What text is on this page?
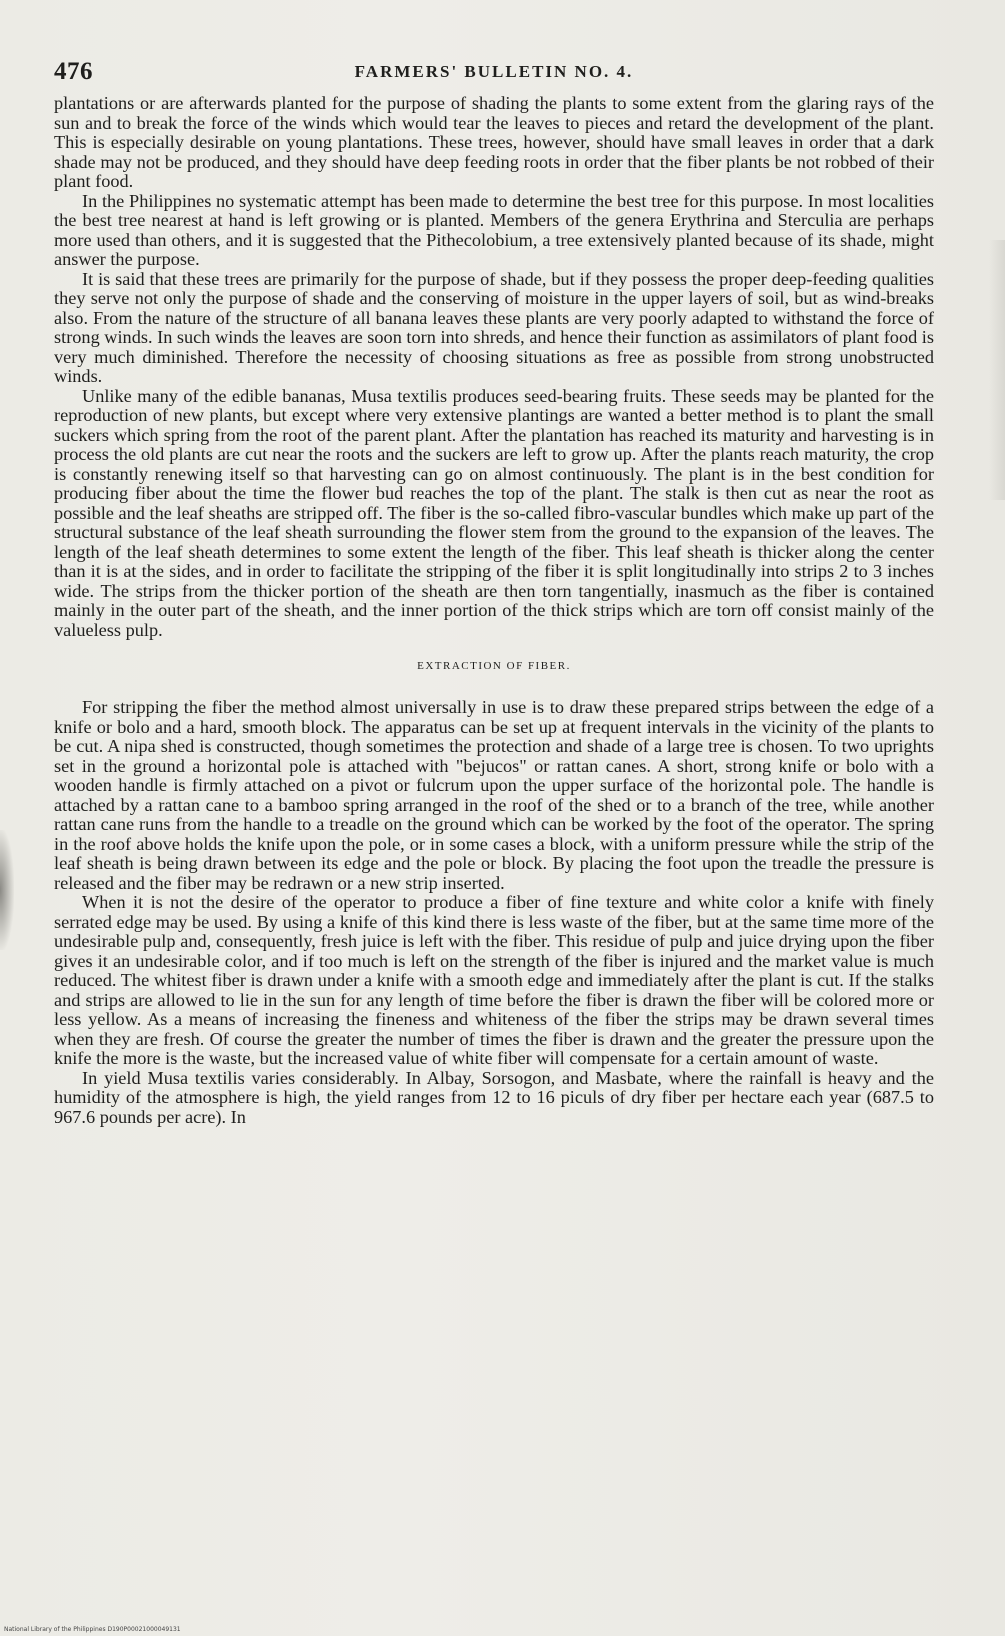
476	FARMERS' BULLETIN NO. 4.

plantations or are afterwards planted for the purpose of shading the plants to some extent from the glaring rays of the sun and to break the force of the winds which would tear the leaves to pieces and retard the development of the plant. This is especially desirable on young plantations. These trees, however, should have small leaves in order that a dark shade may not be produced, and they should have deep feeding roots in order that the fiber plants be not robbed of their plant food.

In the Philippines no systematic attempt has been made to determine the best tree for this purpose. In most localities the best tree nearest at hand is left growing or is planted. Members of the genera Erythrina and Sterculia are perhaps more used than others, and it is suggested that the Pithecolobium, a tree extensively planted because of its shade, might answer the purpose.

It is said that these trees are primarily for the purpose of shade, but if they possess the proper deep-feeding qualities they serve not only the purpose of shade and the conserving of moisture in the upper layers of soil, but as wind-breaks also. From the nature of the structure of all banana leaves these plants are very poorly adapted to withstand the force of strong winds. In such winds the leaves are soon torn into shreds, and hence their function as assimilators of plant food is very much diminished. Therefore the necessity of choosing situations as free as possible from strong unobstructed winds.

Unlike many of the edible bananas, Musa textilis produces seed-bearing fruits. These seeds may be planted for the reproduction of new plants, but except where very extensive plantings are wanted a better method is to plant the small suckers which spring from the root of the parent plant. After the plantation has reached its maturity and harvesting is in process the old plants are cut near the roots and the suckers are left to grow up. After the plants reach maturity, the crop is constantly renewing itself so that harvesting can go on almost continuously. The plant is in the best condition for producing fiber about the time the flower bud reaches the top of the plant. The stalk is then cut as near the root as possible and the leaf sheaths are stripped off. The fiber is the so-called fibro-vascular bundles which make up part of the structural substance of the leaf sheath surrounding the flower stem from the ground to the expansion of the leaves. The length of the leaf sheath determines to some extent the length of the fiber. This leaf sheath is thicker along the center than it is at the sides, and in order to facilitate the stripping of the fiber it is split longitudinally into strips 2 to 3 inches wide. The strips from the thicker portion of the sheath are then torn tangentially, inasmuch as the fiber is contained mainly in the outer part of the sheath, and the inner portion of the thick strips which are torn off consist mainly of the valueless pulp.

EXTRACTION OF FIBER.

For stripping the fiber the method almost universally in use is to draw these prepared strips between the edge of a knife or bolo and a hard, smooth block. The apparatus can be set up at frequent intervals in the vicinity of the plants to be cut. A nipa shed is constructed, though sometimes the protection and shade of a large tree is chosen. To two uprights set in the ground a horizontal pole is attached with "bejucos" or rattan canes. A short, strong knife or bolo with a wooden handle is firmly attached on a pivot or fulcrum upon the upper surface of the horizontal pole. The handle is attached by a rattan cane to a bamboo spring arranged in the roof of the shed or to a branch of the tree, while another rattan cane runs from the handle to a treadle on the ground which can be worked by the foot of the operator. The spring in the roof above holds the knife upon the pole, or in some cases a block, with a uniform pressure while the strip of the leaf sheath is being drawn between its edge and the pole or block. By placing the foot upon the treadle the pressure is released and the fiber may be redrawn or a new strip inserted.

When it is not the desire of the operator to produce a fiber of fine texture and white color a knife with finely serrated edge may be used. By using a knife of this kind there is less waste of the fiber, but at the same time more of the undesirable pulp and, consequently, fresh juice is left with the fiber. This residue of pulp and juice drying upon the fiber gives it an undesirable color, and if too much is left on the strength of the fiber is injured and the market value is much reduced. The whitest fiber is drawn under a knife with a smooth edge and immediately after the plant is cut. If the stalks and strips are allowed to lie in the sun for any length of time before the fiber is drawn the fiber will be colored more or less yellow. As a means of increasing the fineness and whiteness of the fiber the strips may be drawn several times when they are fresh. Of course the greater the number of times the fiber is drawn and the greater the pressure upon the knife the more is the waste, but the increased value of white fiber will compensate for a certain amount of waste.

In yield Musa textilis varies considerably. In Albay, Sorsogon, and Masbate, where the rainfall is heavy and the humidity of the atmosphere is high, the yield ranges from 12 to 16 piculs of dry fiber per hectare each year (687.5 to 967.6 pounds per acre). In

National Library of the Philippines D190P00021000049131
